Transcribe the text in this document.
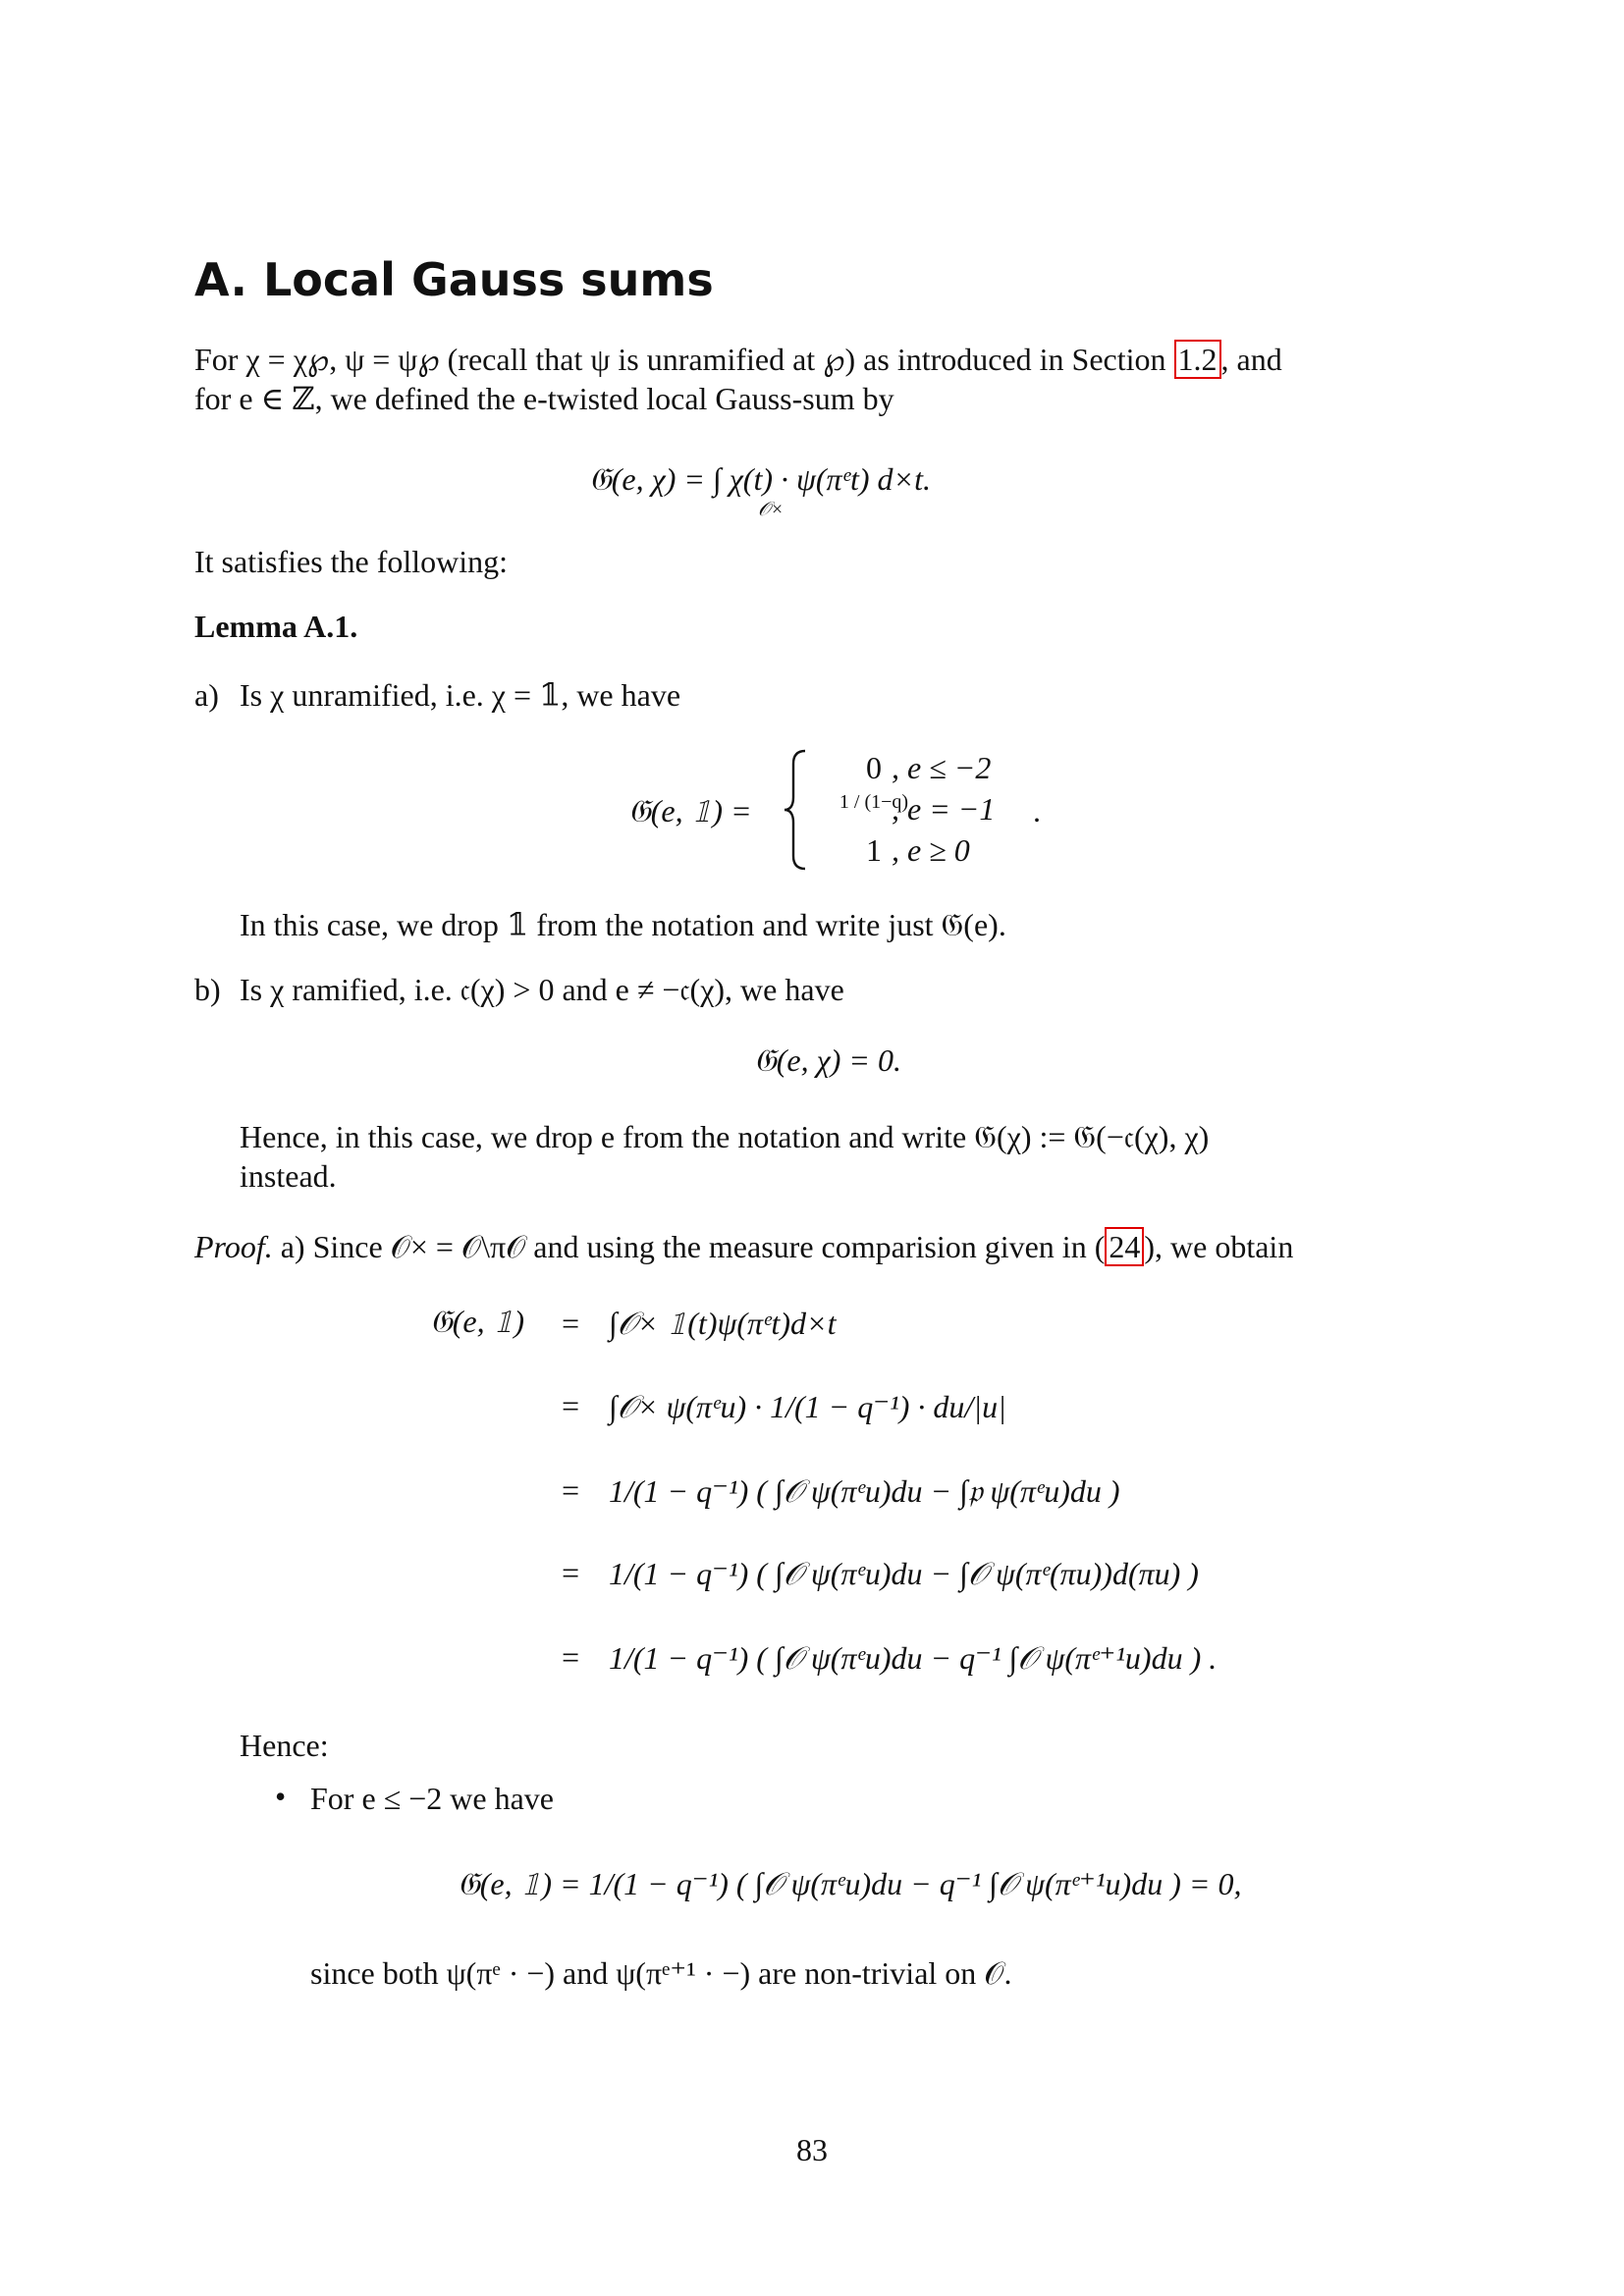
A. Local Gauss sums
For χ = χ℘, ψ = ψ℘ (recall that ψ is unramified at ℘) as introduced in Section 1.2 , and
for e ∈ ℤ, we defined the e-twisted local Gauss-sum by
𝔊(e, χ) = ∫ χ(t) · ψ(πᵉt) d×t.
𝒪×
It satisfies the following:
Lemma A.1.
a) Is χ unramified, i.e. χ = 𝟙, we have
𝔊(e, 𝟙) =
0 , e ≤ −2
1 / (1−q)
, e = −1
1 , e ≥ 0
.
In this case, we drop 𝟙 from the notation and write just 𝔊(e).
b) Is χ ramified, i.e. 𝔠(χ) > 0 and e ≠ −𝔠(χ), we have
𝔊(e, χ) = 0.
Hence, in this case, we drop e from the notation and write 𝔊(χ) := 𝔊(−𝔠(χ), χ)
instead.
Proof. a) Since 𝒪× = 𝒪\π𝒪 and using the measure comparision given in ( 24 ), we obtain
𝔊(e, 𝟙) = ∫𝒪× 𝟙(t)ψ(πᵉt)d×t
= ∫𝒪× ψ(πᵉu) · 1/(1 − q⁻¹) · du/|u|
= 1/(1 − q⁻¹) ( ∫𝒪 ψ(πᵉu)du − ∫𝔭 ψ(πᵉu)du )
= 1/(1 − q⁻¹) ( ∫𝒪 ψ(πᵉu)du − ∫𝒪 ψ(πᵉ(πu))d(πu) )
= 1/(1 − q⁻¹) ( ∫𝒪 ψ(πᵉu)du − q⁻¹ ∫𝒪 ψ(πᵉ⁺¹u)du ) .
Hence:
• For e ≤ −2 we have
𝔊(e, 𝟙) = 1/(1 − q⁻¹) ( ∫𝒪 ψ(πᵉu)du − q⁻¹ ∫𝒪 ψ(πᵉ⁺¹u)du ) = 0,
since both ψ(πᵉ · −) and ψ(πᵉ⁺¹ · −) are non-trivial on 𝒪.
83
